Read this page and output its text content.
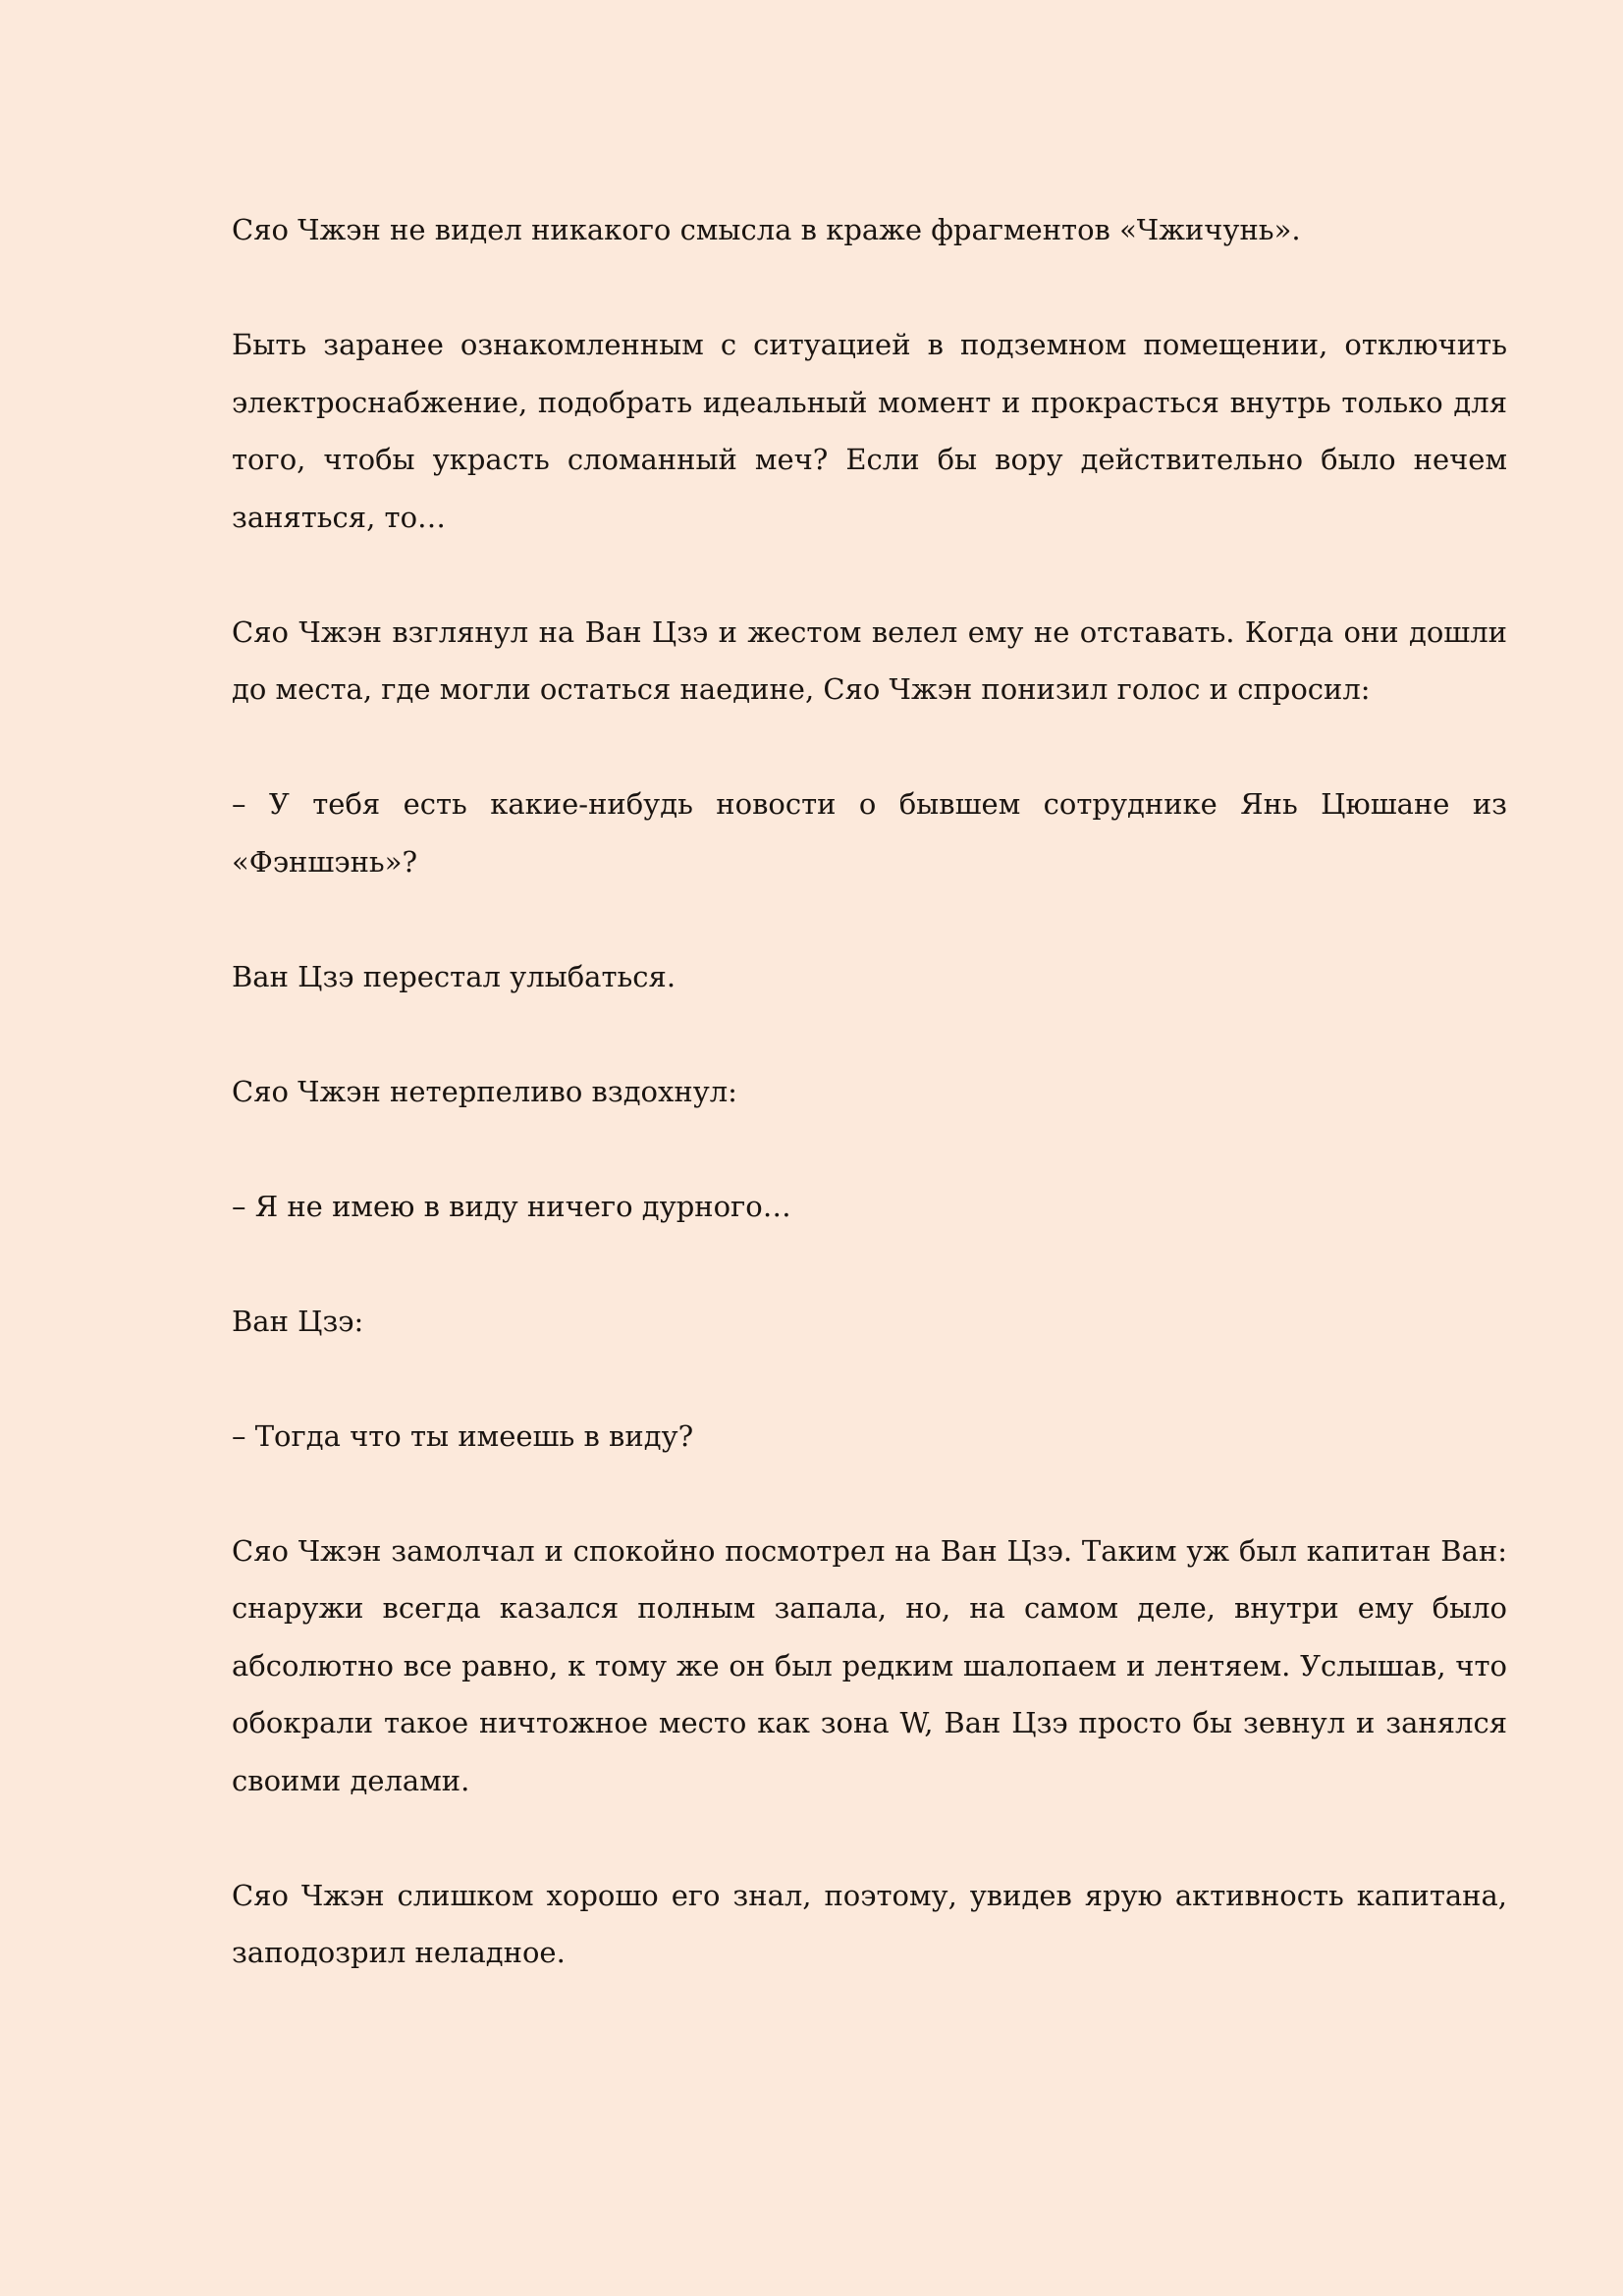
Сяо Чжэн не видел никакого смысла в краже фрагментов «Чжичунь».

Быть заранее ознакомленным с ситуацией в подземном помещении, отключить электроснабжение, подобрать идеальный момент и прокрасться внутрь только для того, чтобы украсть сломанный меч? Если бы вору действительно было нечем заняться, то…

Сяо Чжэн взглянул на Ван Цзэ и жестом велел ему не отставать. Когда они дошли до места, где могли остаться наедине, Сяо Чжэн понизил голос и спросил:

– У тебя есть какие-нибудь новости о бывшем сотруднике Янь Цюшане из «Фэншэнь»?

Ван Цзэ перестал улыбаться.

Сяо Чжэн нетерпеливо вздохнул:

– Я не имею в виду ничего дурного…

Ван Цзэ:

– Тогда что ты имеешь в виду?

Сяо Чжэн замолчал и спокойно посмотрел на Ван Цзэ. Таким уж был капитан Ван: снаружи всегда казался полным запала, но, на самом деле, внутри ему было абсолютно все равно, к тому же он был редким шалопаем и лентяем. Услышав, что обокрали такое ничтожное место как зона W, Ван Цзэ просто бы зевнул и занялся своими делами.

Сяо Чжэн слишком хорошо его знал, поэтому, увидев ярую активность капитана, заподозрил неладное.
